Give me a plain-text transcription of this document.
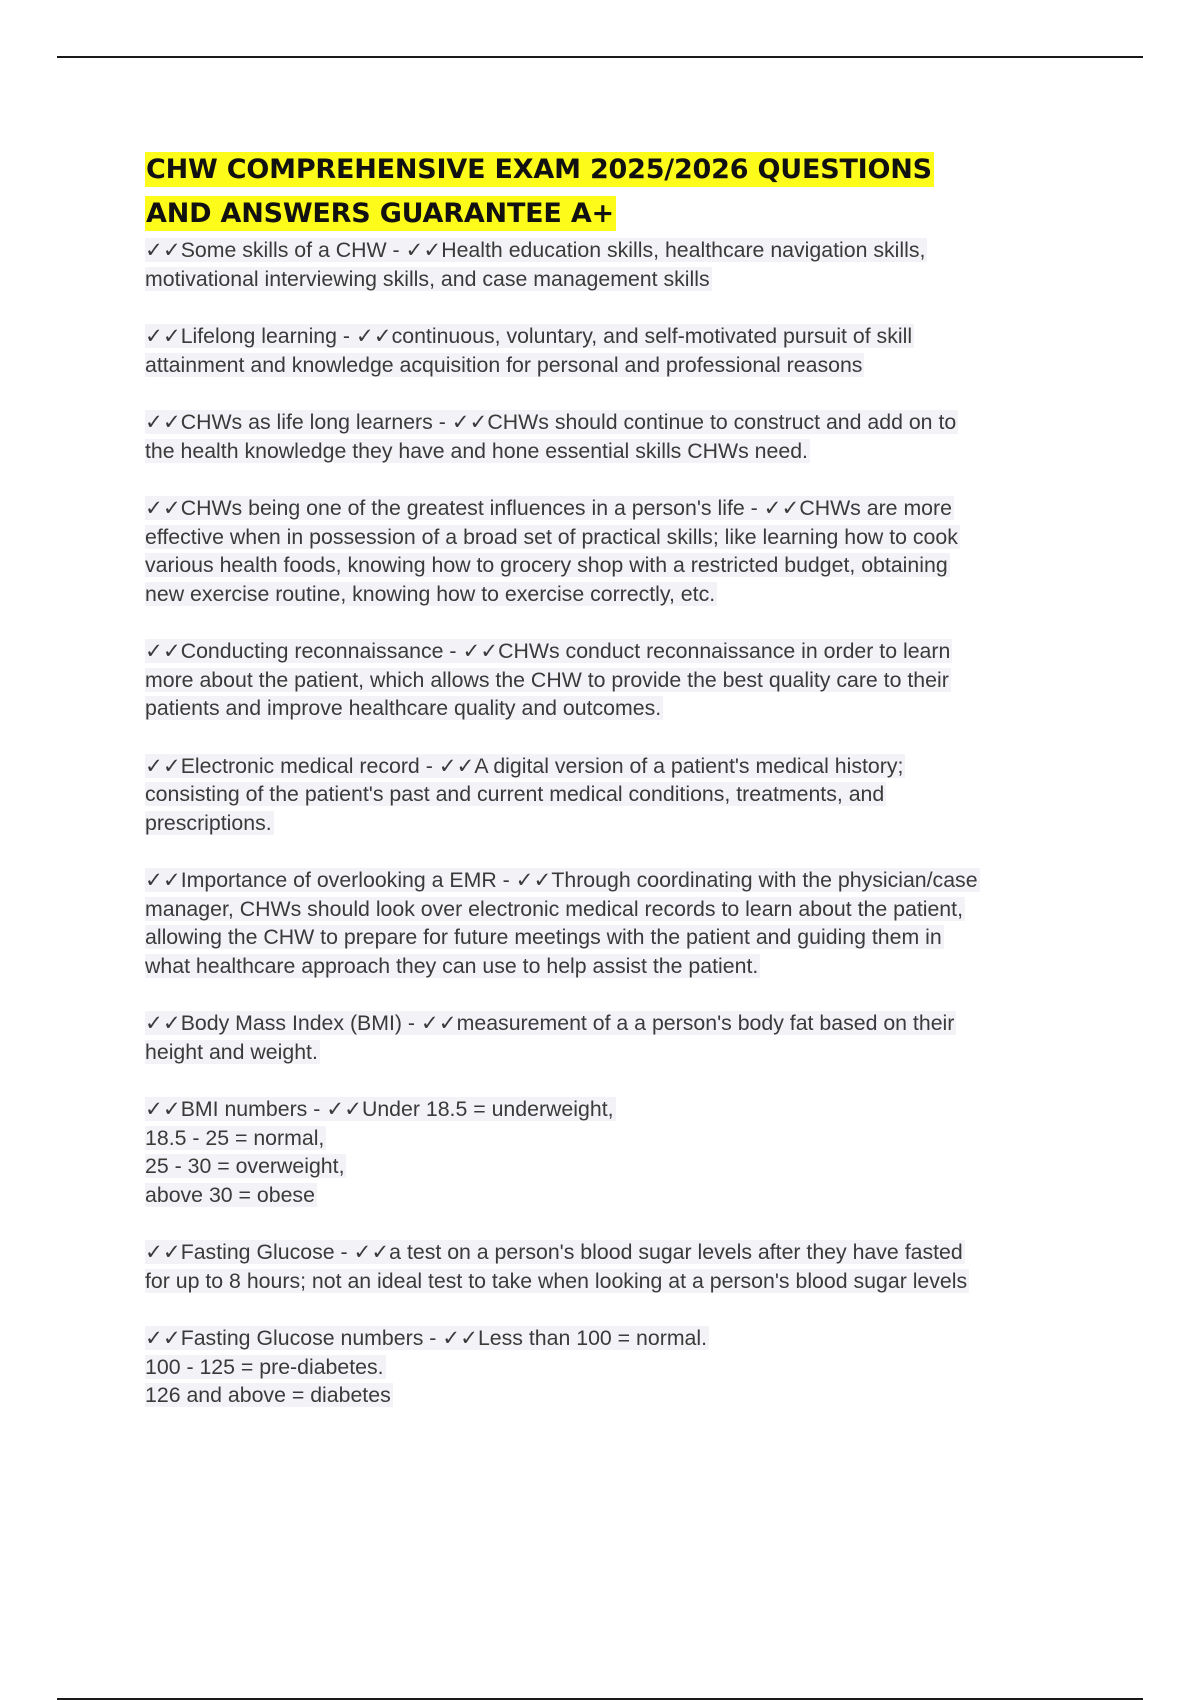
CHW COMPREHENSIVE EXAM 2025/2026 QUESTIONS
AND ANSWERS GUARANTEE A+
✓✓Some skills of a CHW - ✓✓Health education skills, healthcare navigation skills,
motivational interviewing skills, and case management skills
✓✓Lifelong learning - ✓✓continuous, voluntary, and self-motivated pursuit of skill
attainment and knowledge acquisition for personal and professional reasons
✓✓CHWs as life long learners - ✓✓CHWs should continue to construct and add on to
the health knowledge they have and hone essential skills CHWs need.
✓✓CHWs being one of the greatest influences in a person's life - ✓✓CHWs are more
effective when in possession of a broad set of practical skills; like learning how to cook
various health foods, knowing how to grocery shop with a restricted budget, obtaining
new exercise routine, knowing how to exercise correctly, etc.
✓✓Conducting reconnaissance - ✓✓CHWs conduct reconnaissance in order to learn
more about the patient, which allows the CHW to provide the best quality care to their
patients and improve healthcare quality and outcomes.
✓✓Electronic medical record - ✓✓A digital version of a patient's medical history;
consisting of the patient's past and current medical conditions, treatments, and
prescriptions.
✓✓Importance of overlooking a EMR - ✓✓Through coordinating with the physician/case
manager, CHWs should look over electronic medical records to learn about the patient,
allowing the CHW to prepare for future meetings with the patient and guiding them in
what healthcare approach they can use to help assist the patient.
✓✓Body Mass Index (BMI) - ✓✓measurement of a a person's body fat based on their
height and weight.
✓✓BMI numbers - ✓✓Under 18.5 = underweight,
18.5 - 25 = normal,
25 - 30 = overweight,
above 30 = obese
✓✓Fasting Glucose - ✓✓a test on a person's blood sugar levels after they have fasted
for up to 8 hours; not an ideal test to take when looking at a person's blood sugar levels
✓✓Fasting Glucose numbers - ✓✓Less than 100 = normal.
100 - 125 = pre-diabetes.
126 and above = diabetes
